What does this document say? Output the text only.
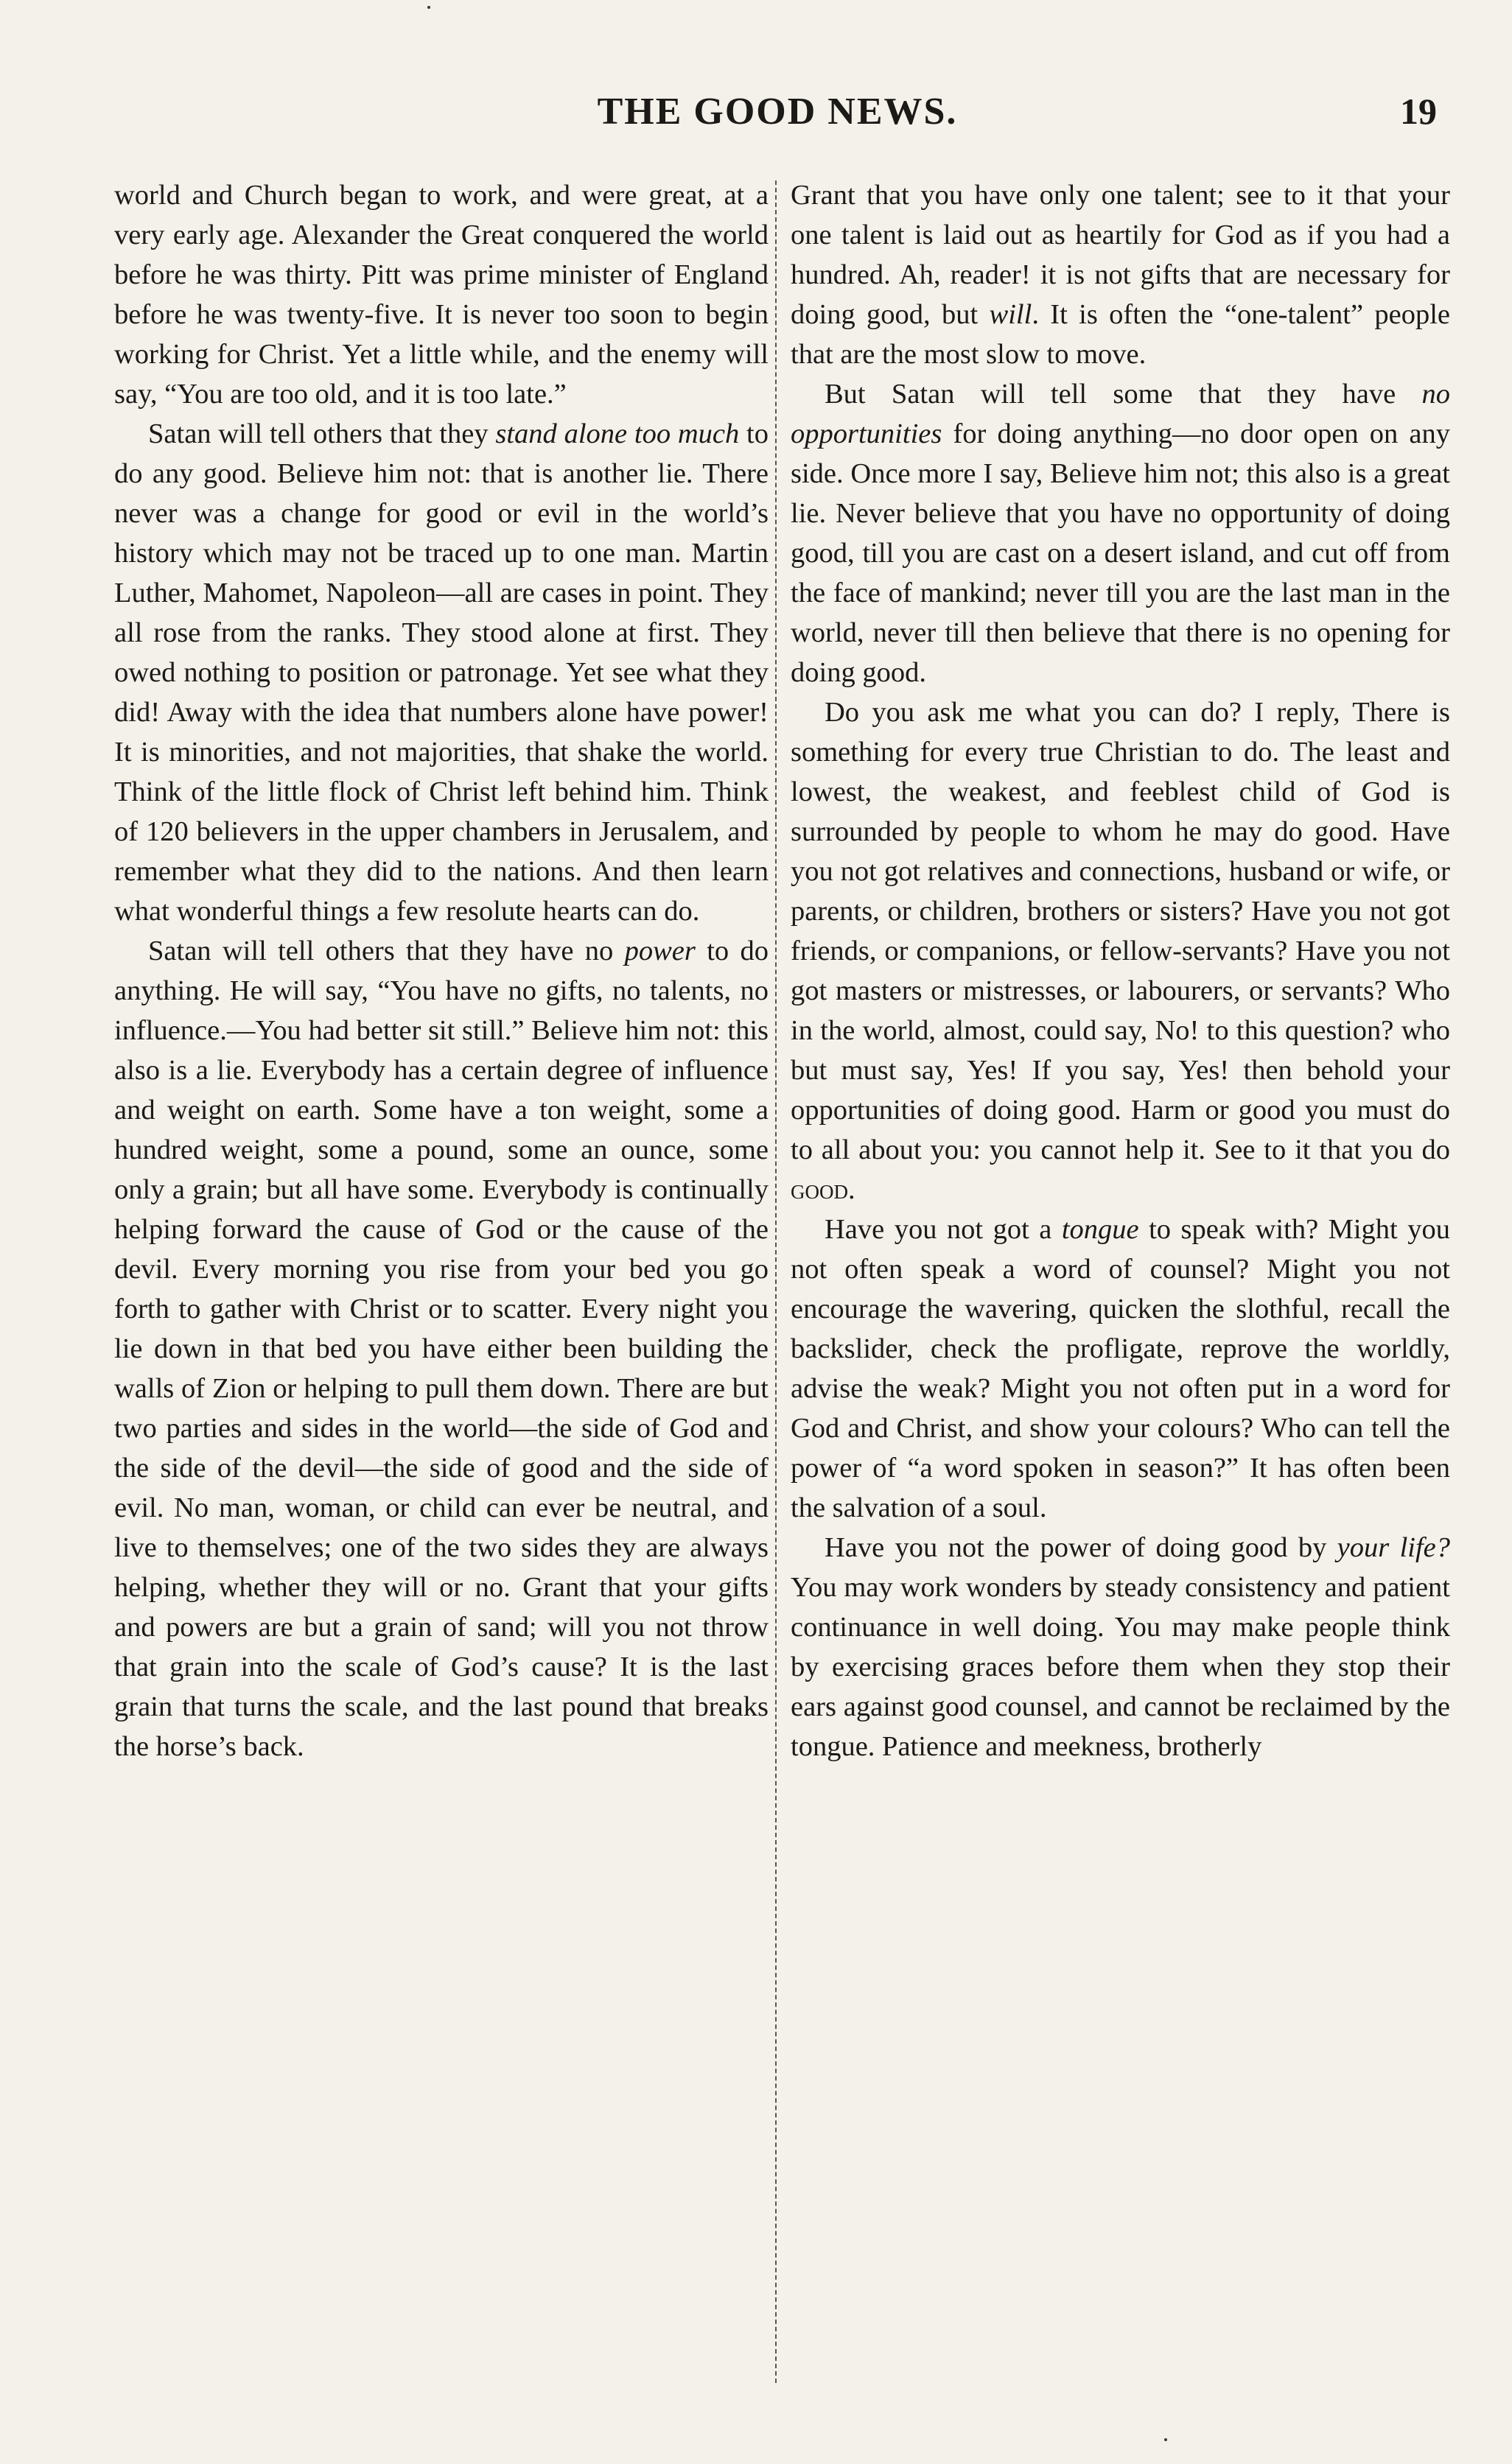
THE GOOD NEWS.	19

world and Church began to work, and were great, at a very early age. Alexander the Great conquered the world before he was thirty. Pitt was prime minister of England before he was twenty-five. It is never too soon to begin working for Christ. Yet a little while, and the enemy will say, “You are too old, and it is too late.”

Satan will tell others that they stand alone too much to do any good. Believe him not: that is another lie. There never was a change for good or evil in the world’s history which may not be traced up to one man. Martin Luther, Mahomet, Napoleon—all are cases in point. They all rose from the ranks. They stood alone at first. They owed nothing to position or patronage. Yet see what they did! Away with the idea that numbers alone have power! It is minorities, and not majorities, that shake the world. Think of the little flock of Christ left behind him. Think of 120 believers in the upper chambers in Jerusalem, and remember what they did to the nations. And then learn what wonderful things a few resolute hearts can do.

Satan will tell others that they have no power to do anything. He will say, “You have no gifts, no talents, no influence.—You had better sit still.” Believe him not: this also is a lie. Everybody has a certain degree of influence and weight on earth. Some have a ton weight, some a hundred weight, some a pound, some an ounce, some only a grain; but all have some. Everybody is continually helping forward the cause of God or the cause of the devil. Every morning you rise from your bed you go forth to gather with Christ or to scatter. Every night you lie down in that bed you have either been building the walls of Zion or helping to pull them down. There are but two parties and sides in the world—the side of God and the side of the devil—the side of good and the side of evil. No man, woman, or child can ever be neutral, and live to themselves; one of the two sides they are always helping, whether they will or no. Grant that your gifts and powers are but a grain of sand; will you not throw that grain into the scale of God’s cause? It is the last grain that turns the scale, and the last pound that breaks the horse’s back.

Grant that you have only one talent; see to it that your one talent is laid out as heartily for God as if you had a hundred. Ah, reader! it is not gifts that are necessary for doing good, but will. It is often the “one-talent” people that are the most slow to move.

But Satan will tell some that they have no opportunities for doing anything—no door open on any side. Once more I say, Believe him not; this also is a great lie. Never believe that you have no opportunity of doing good, till you are cast on a desert island, and cut off from the face of mankind; never till you are the last man in the world, never till then believe that there is no opening for doing good.

Do you ask me what you can do? I reply, There is something for every true Christian to do. The least and lowest, the weakest, and feeblest child of God is surrounded by people to whom he may do good. Have you not got relatives and connections, husband or wife, or parents, or children, brothers or sisters? Have you not got friends, or companions, or fellow-servants? Have you not got masters or mistresses, or labourers, or servants? Who in the world, almost, could say, No! to this question? who but must say, Yes! If you say, Yes! then behold your opportunities of doing good. Harm or good you must do to all about you: you cannot help it. See to it that you do good.

Have you not got a tongue to speak with? Might you not often speak a word of counsel? Might you not encourage the wavering, quicken the slothful, recall the backslider, check the profligate, reprove the worldly, advise the weak? Might you not often put in a word for God and Christ, and show your colours? Who can tell the power of “a word spoken in season?” It has often been the salvation of a soul.

Have you not the power of doing good by your life? You may work wonders by steady consistency and patient continuance in well doing. You may make people think by exercising graces before them when they stop their ears against good counsel, and cannot be reclaimed by the tongue. Patience and meekness, brotherly
